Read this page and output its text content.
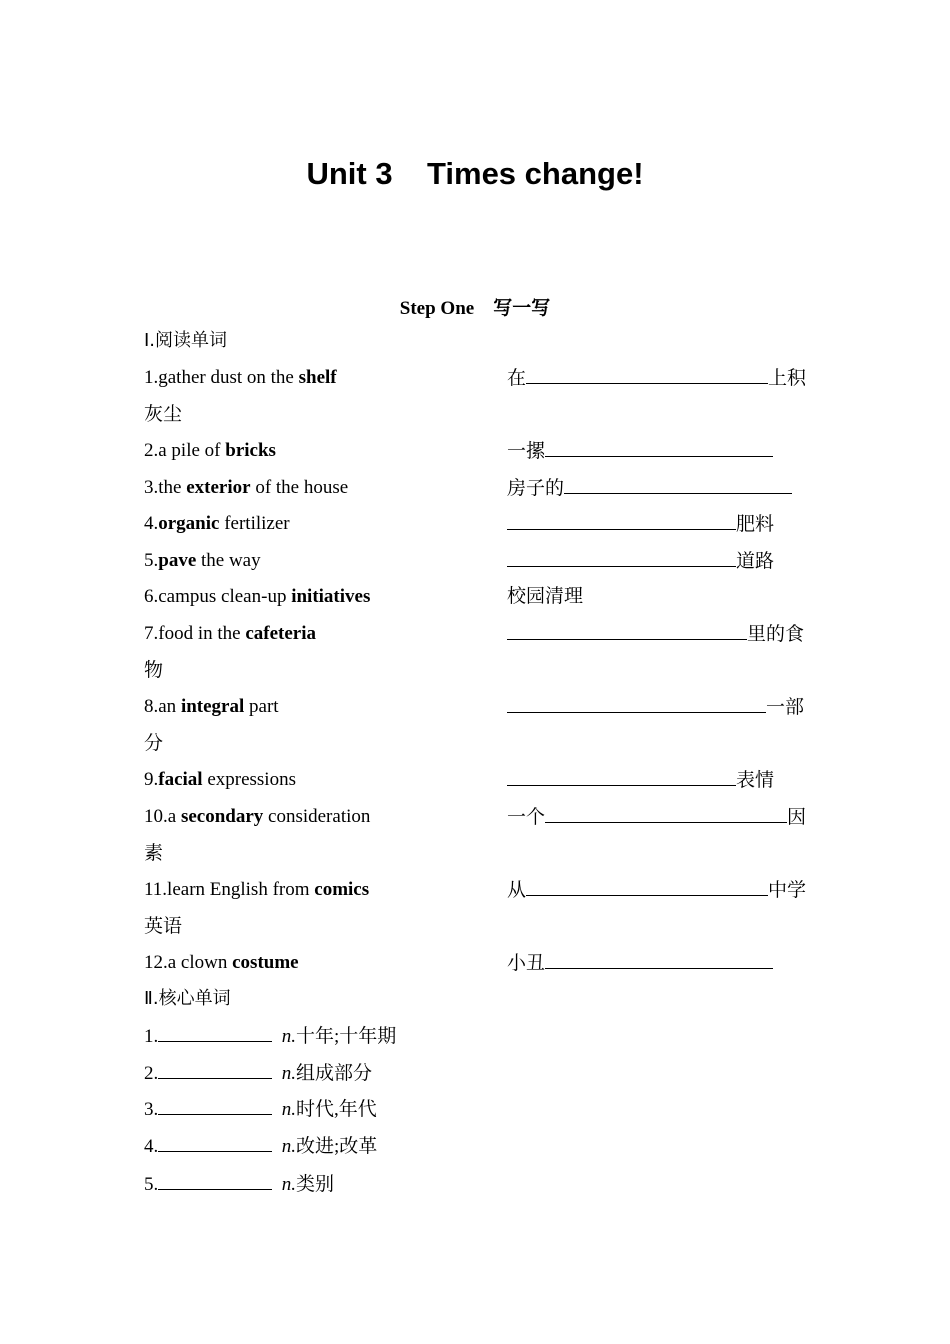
Unit 3    Times change!
Step One    写一写
Ⅰ.阅读单词
1.gather dust on the shelf	在	上积
灰尘
2.a pile of bricks	一摞
3.the exterior of the house	房子的
4.organic fertilizer	肥料
5.pave the way	道路
6.campus clean-up initiatives	校园清理
7.food in the cafeteria	里的食
物
8.an integral part	一部
分
9.facial expressions	表情
10.a secondary consideration	一个	因
素
11.learn English from comics	从	中学
英语
12.a clown costume	小丑
Ⅱ.核心单词
1.	n.十年;十年期
2.	n.组成部分
3.	n.时代,年代
4.	n.改进;改革
5.	n.类别
